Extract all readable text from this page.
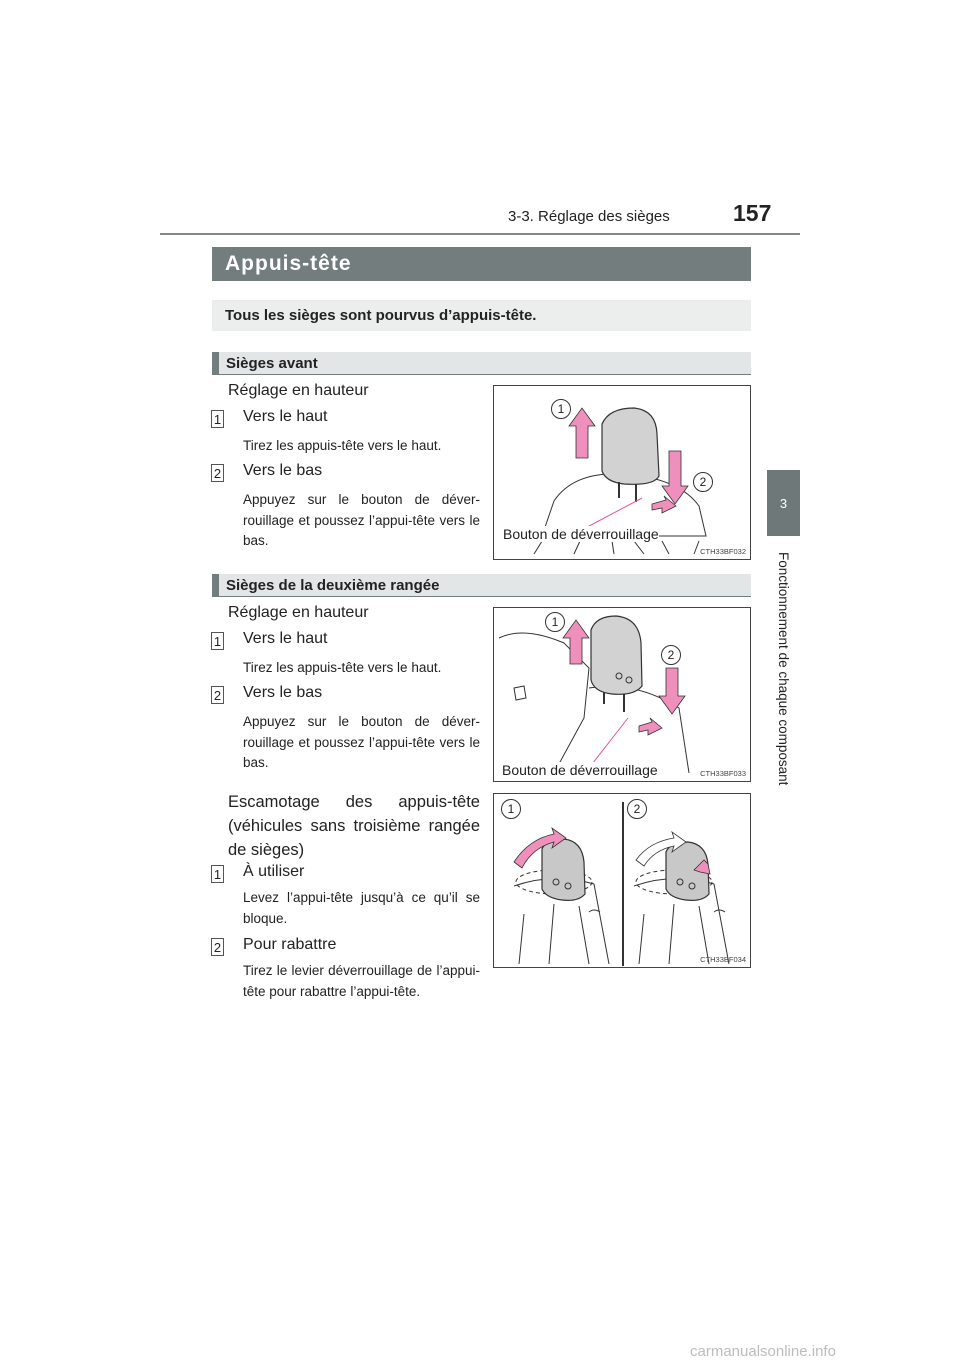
3-3. Réglage des sièges	157
3
Fonctionnement de chaque composant
Appuis-tête
Tous les sièges sont pourvus d’appuis-tête.
Sièges avant
Réglage en hauteur
1 Vers le haut
Tirez les appuis-tête vers le haut.
2 Vers le bas
Appuyez sur le bouton de déver-rouillage et poussez l’appui-tête vers le bas.
1
2
Bouton de déverrouillage
CTH33BF032
Sièges de la deuxième rangée
Réglage en hauteur
1 Vers le haut
Tirez les appuis-tête vers le haut.
2 Vers le bas
Appuyez sur le bouton de déver-rouillage et poussez l’appui-tête vers le bas.
1
2
Bouton de déverrouillage	CTH33BF033
Escamotage des appuis-tête (véhicules sans troisième rangée de sièges)
1 À utiliser
Levez l’appui-tête jusqu’à ce qu’il se bloque.
2 Pour rabattre
Tirez le levier déverrouillage de l’appui-tête pour rabattre l’appui-tête.
1	2
CTH33BF034
carmanualsonline.info
